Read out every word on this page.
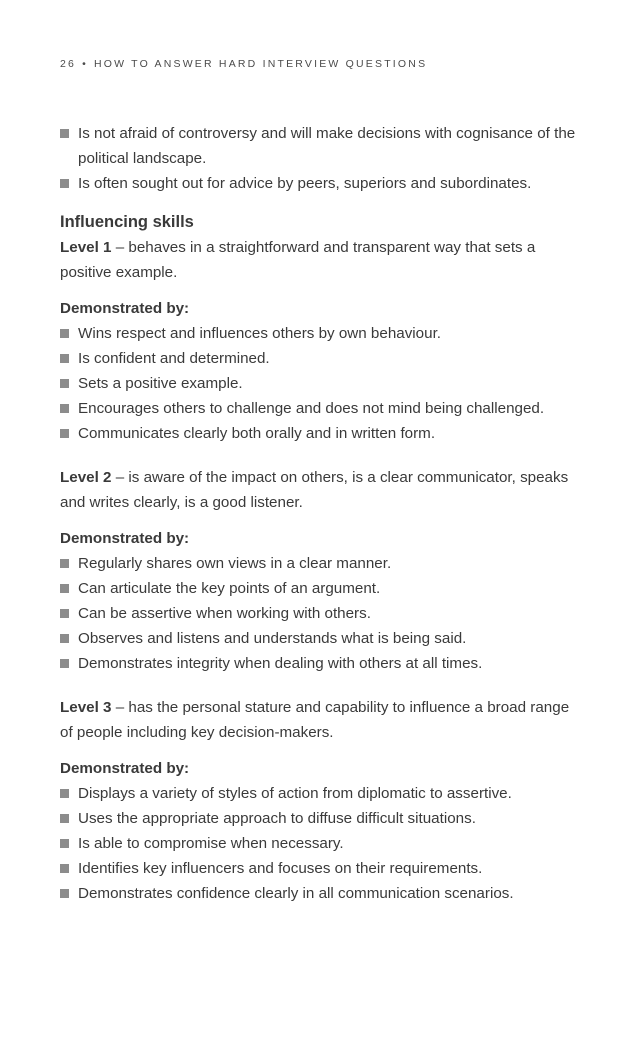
26 • HOW TO ANSWER HARD INTERVIEW QUESTIONS
Is not afraid of controversy and will make decisions with cognisance of the political landscape.
Is often sought out for advice by peers, superiors and subordinates.
Influencing skills

Level 1 – behaves in a straightforward and transparent way that sets a positive example.

Demonstrated by:
Wins respect and influences others by own behaviour.
Is confident and determined.
Sets a positive example.
Encourages others to challenge and does not mind being challenged.
Communicates clearly both orally and in written form.

Level 2 – is aware of the impact on others, is a clear communicator, speaks and writes clearly, is a good listener.

Demonstrated by:
Regularly shares own views in a clear manner.
Can articulate the key points of an argument.
Can be assertive when working with others.
Observes and listens and understands what is being said.
Demonstrates integrity when dealing with others at all times.

Level 3 – has the personal stature and capability to influence a broad range of people including key decision-makers.

Demonstrated by:
Displays a variety of styles of action from diplomatic to assertive.
Uses the appropriate approach to diffuse difficult situations.
Is able to compromise when necessary.
Identifies key influencers and focuses on their requirements.
Demonstrates confidence clearly in all communication scenarios.
